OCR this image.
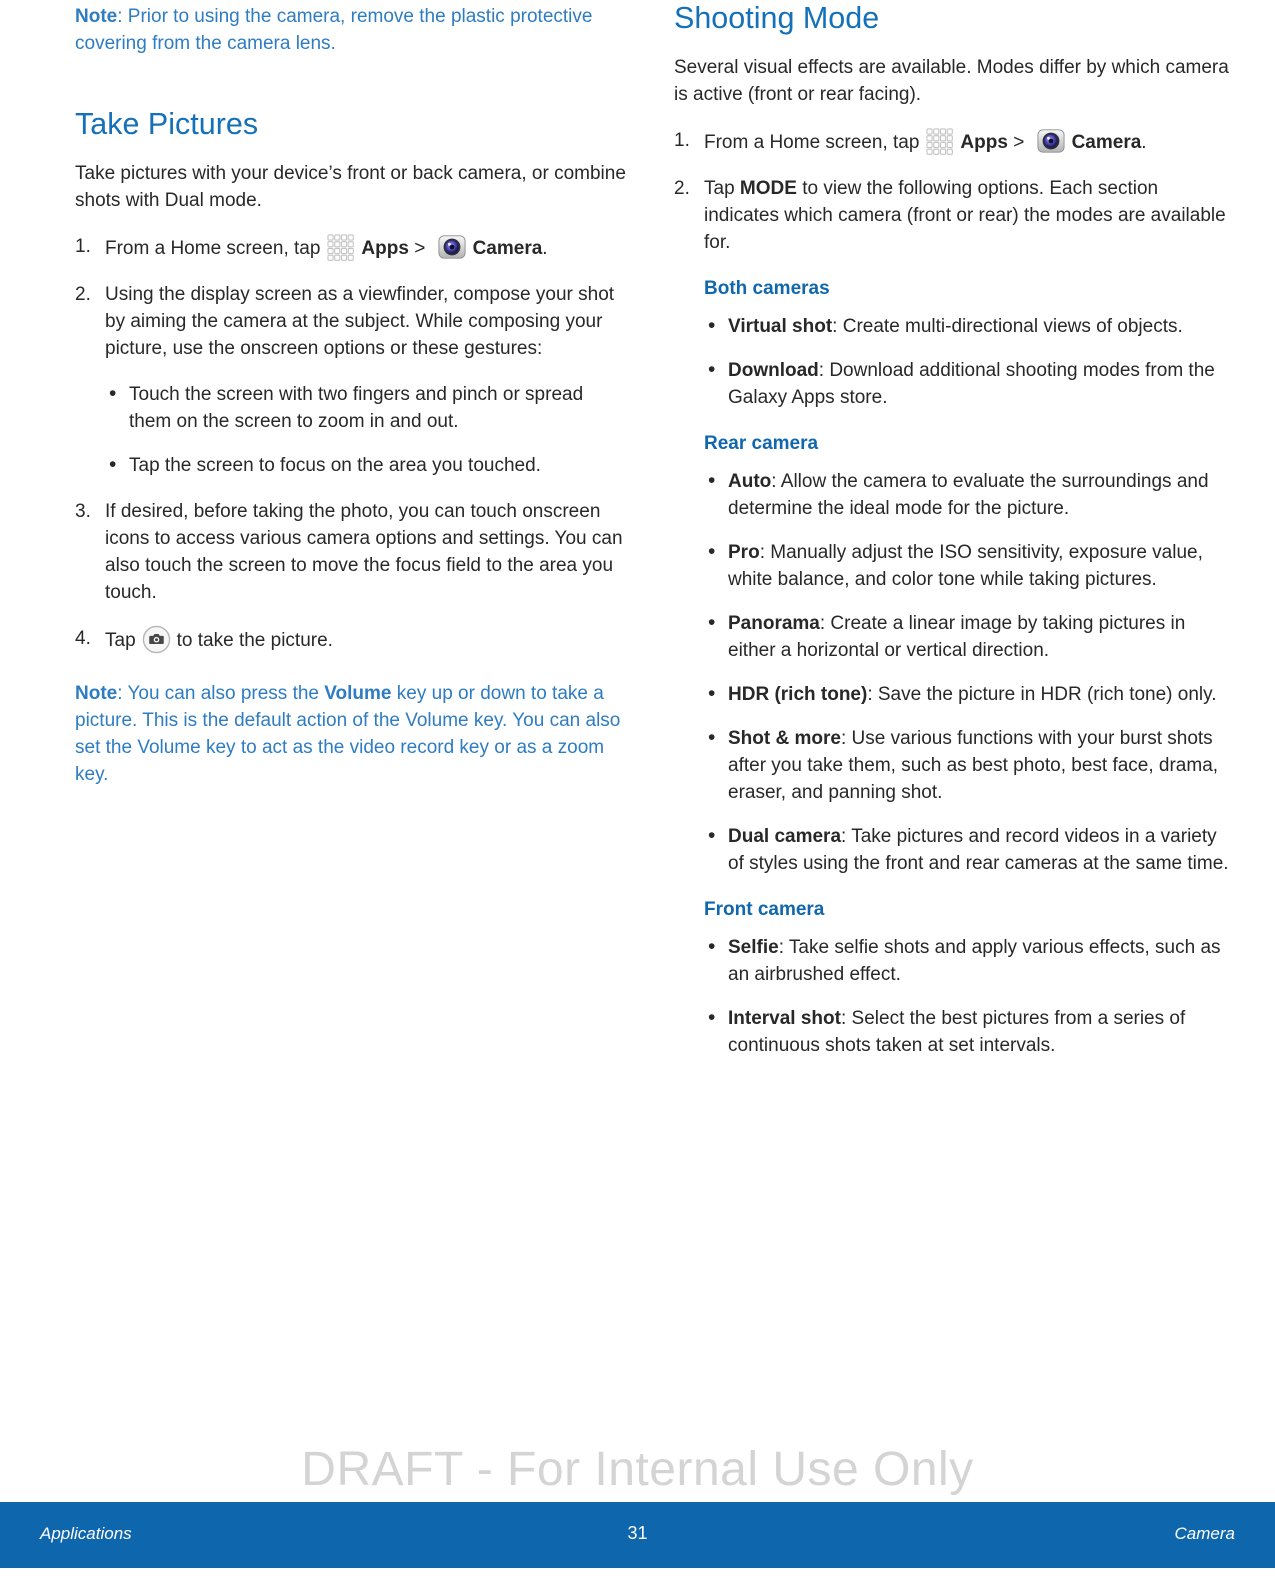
Note: Prior to using the camera, remove the plastic protective covering from the camera lens.

Take Pictures

Take pictures with your device’s front or back camera, or combine shots with Dual mode.

1. From a Home screen, tap Apps >
Camera.
2. Using the display screen as a viewfinder, compose your shot by aiming the camera at the subject. While composing your picture, use the onscreen options or these gestures:
• Touch the screen with two fingers and pinch or spread them on the screen to zoom in and out.
• Tap the screen to focus on the area you touched.
3. If desired, before taking the photo, you can touch onscreen icons to access various camera options and settings. You can also touch the screen to move the focus field to the area you touch.
4. Tap to take the picture.

Note: You can also press the Volume key up or down to take a picture. This is the default action of the Volume key. You can also set the Volume key to act as the video record key or as a zoom key.

Shooting Mode

Several visual effects are available. Modes differ by which camera is active (front or rear facing).

1. From a Home screen, tap Apps >
Camera.
2. Tap MODE to view the following options. Each section indicates which camera (front or rear) the modes are available for.
Both cameras
• Virtual shot: Create multi-directional views of objects.
• Download: Download additional shooting modes from the Galaxy Apps store.
Rear camera
• Auto: Allow the camera to evaluate the surroundings and determine the ideal mode for the picture.
• Pro: Manually adjust the ISO sensitivity, exposure value, white balance, and color tone while taking pictures.
• Panorama: Create a linear image by taking pictures in either a horizontal or vertical direction.
• HDR (rich tone): Save the picture in HDR (rich tone) only.
• Shot & more: Use various functions with your burst shots after you take them, such as best photo, best face, drama, eraser, and panning shot.
• Dual camera: Take pictures and record videos in a variety of styles using the front and rear cameras at the same time.
Front camera
• Selfie: Take selfie shots and apply various effects, such as an airbrushed effect.
• Interval shot: Select the best pictures from a series of continuous shots taken at set intervals.
DRAFT - For Internal Use Only
Applications	31	Camera
